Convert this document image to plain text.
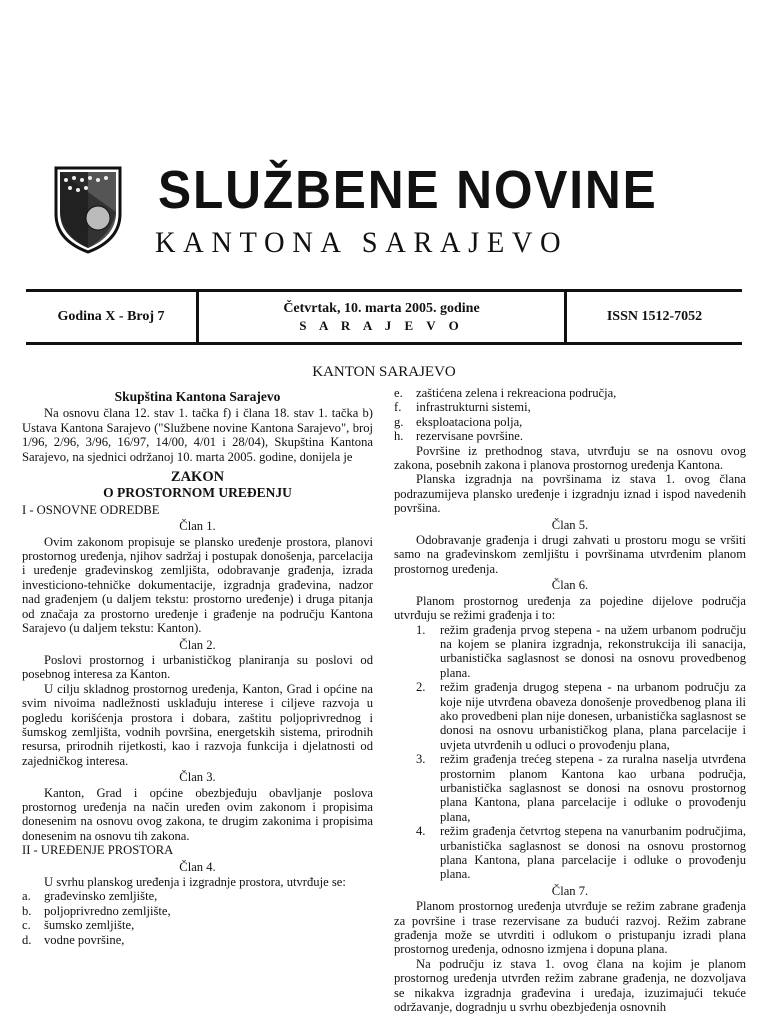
SLUŽBENE NOVINE
KANTONA SARAJEVO
Godina X - Broj 7
Četvrtak, 10. marta 2005. godine
S A R A J E V O
ISSN 1512-7052
KANTON SARAJEVO
Skupština Kantona Sarajevo

Na osnovu člana 12. stav 1. tačka f) i člana 18. stav 1. tačka b) Ustava Kantona Sarajevo ("Službene novine Kantona Sarajevo", broj 1/96, 2/96, 3/96, 16/97, 14/00, 4/01 i 28/04), Skupština Kantona Sarajevo, na sjednici održanoj 10. marta 2005. godine, donijela je

ZAKON
O PROSTORNOM UREĐENJU

I - OSNOVNE ODREDBE

Član 1.

Ovim zakonom propisuje se plansko uređenje prostora, planovi prostornog uređenja, njihov sadržaj i postupak donošenja, parcelacija i uređenje građevinskog zemljišta, odobravanje građenja, izrada investiciono-tehničke dokumentacije, izgradnja građevina, nadzor nad građenjem (u daljem tekstu: prostorno uređenje) i druga pitanja od značaja za prostorno uređenje i građenje na području Kantona Sarajevo (u daljem tekstu: Kanton).

Član 2.

Poslovi prostornog i urbanističkog planiranja su poslovi od posebnog interesa za Kanton.

U cilju skladnog prostornog uređenja, Kanton, Grad i općine na svim nivoima nadležnosti usklađuju interese i ciljeve razvoja u pogledu korišćenja prostora i dobara, zaštitu poljoprivrednog i šumskog zemljišta, vodnih površina, energetskih sistema, prirodnih resursa, prirodnih rijetkosti, kao i razvoja funkcija i djelatnosti od zajedničkog interesa.

Član 3.

Kanton, Grad i općine obezbjeđuju obavljanje poslova prostornog uređenja na način uređen ovim zakonom i propisima donesenim na osnovu ovog zakona, te drugim zakonima i propisima donesenim na osnovu tih zakona.

II - UREĐENJE PROSTORA

Član 4.

U svrhu planskog uređenja i izgradnje prostora, utvrđuje se:

a.	građevinsko zemljište,
b. poljoprivredno zemljište,
c.	šumsko zemljište,
d. vodne površine,
e.	zaštićena zelena i rekreaciona područja,
f.	infrastrukturni sistemi,
g. eksploataciona polja,
h. rezervisane površine.

Površine iz prethodnog stava, utvrđuju se na osnovu ovog zakona, posebnih zakona i planova prostornog uređenja Kantona.

Planska izgradnja na površinama iz stava 1. ovog člana podrazumijeva plansko uređenje i izgradnju iznad i ispod navedenih površina.

Član 5.

Odobravanje građenja i drugi zahvati u prostoru mogu se vršiti samo na građevinskom zemljištu i površinama utvrđenim planom prostornog uređenja.

Član 6.

Planom prostornog uređenja za pojedine dijelove područja utvrđuju se režimi građenja i to:

1.	režim građenja prvog stepena - na užem urbanom području na kojem se planira izgradnja, rekonstrukcija ili sanacija, urbanistička saglasnost se donosi na osnovu provedbenog plana.
2.	režim građenja drugog stepena - na urbanom području za koje nije utvrđena obaveza donošenje provedbenog plana ili ako provedbeni plan nije donesen, urbanistička saglasnost se donosi na osnovu urbanističkog plana, plana parcelacije i uvjeta utvrđenih u odluci o provođenju plana,
3.	režim građenja trećeg stepena - za ruralna naselja utvrđena prostornim planom Kantona kao urbana područja, urbanistička saglasnost se donosi na osnovu prostornog plana Kantona, plana parcelacije i odluke o provođenju plana,
4.	režim građenja četvrtog stepena na vanurbanim područjima, urbanistička saglasnost se donosi na osnovu prostornog plana Kantona, plana parcelacije i odluke o provođenju plana.
Član 7.

Planom prostornog uređenja utvrđuje se režim zabrane građenja za površine i trase rezervisane za budući razvoj. Režim zabrane građenja može se utvrditi i odlukom o pristupanju izradi plana prostornog uređenja, odnosno izmjena i dopuna plana.

Na području iz stava 1. ovog člana na kojim je planom prostornog uređenja utvrđen režim zabrane građenja, ne dozvoljava se nikakva izgradnja građevina i uređaja, izuzimajući tekuće održavanje, dogradnju u svrhu obezbjeđenja osnovnih
